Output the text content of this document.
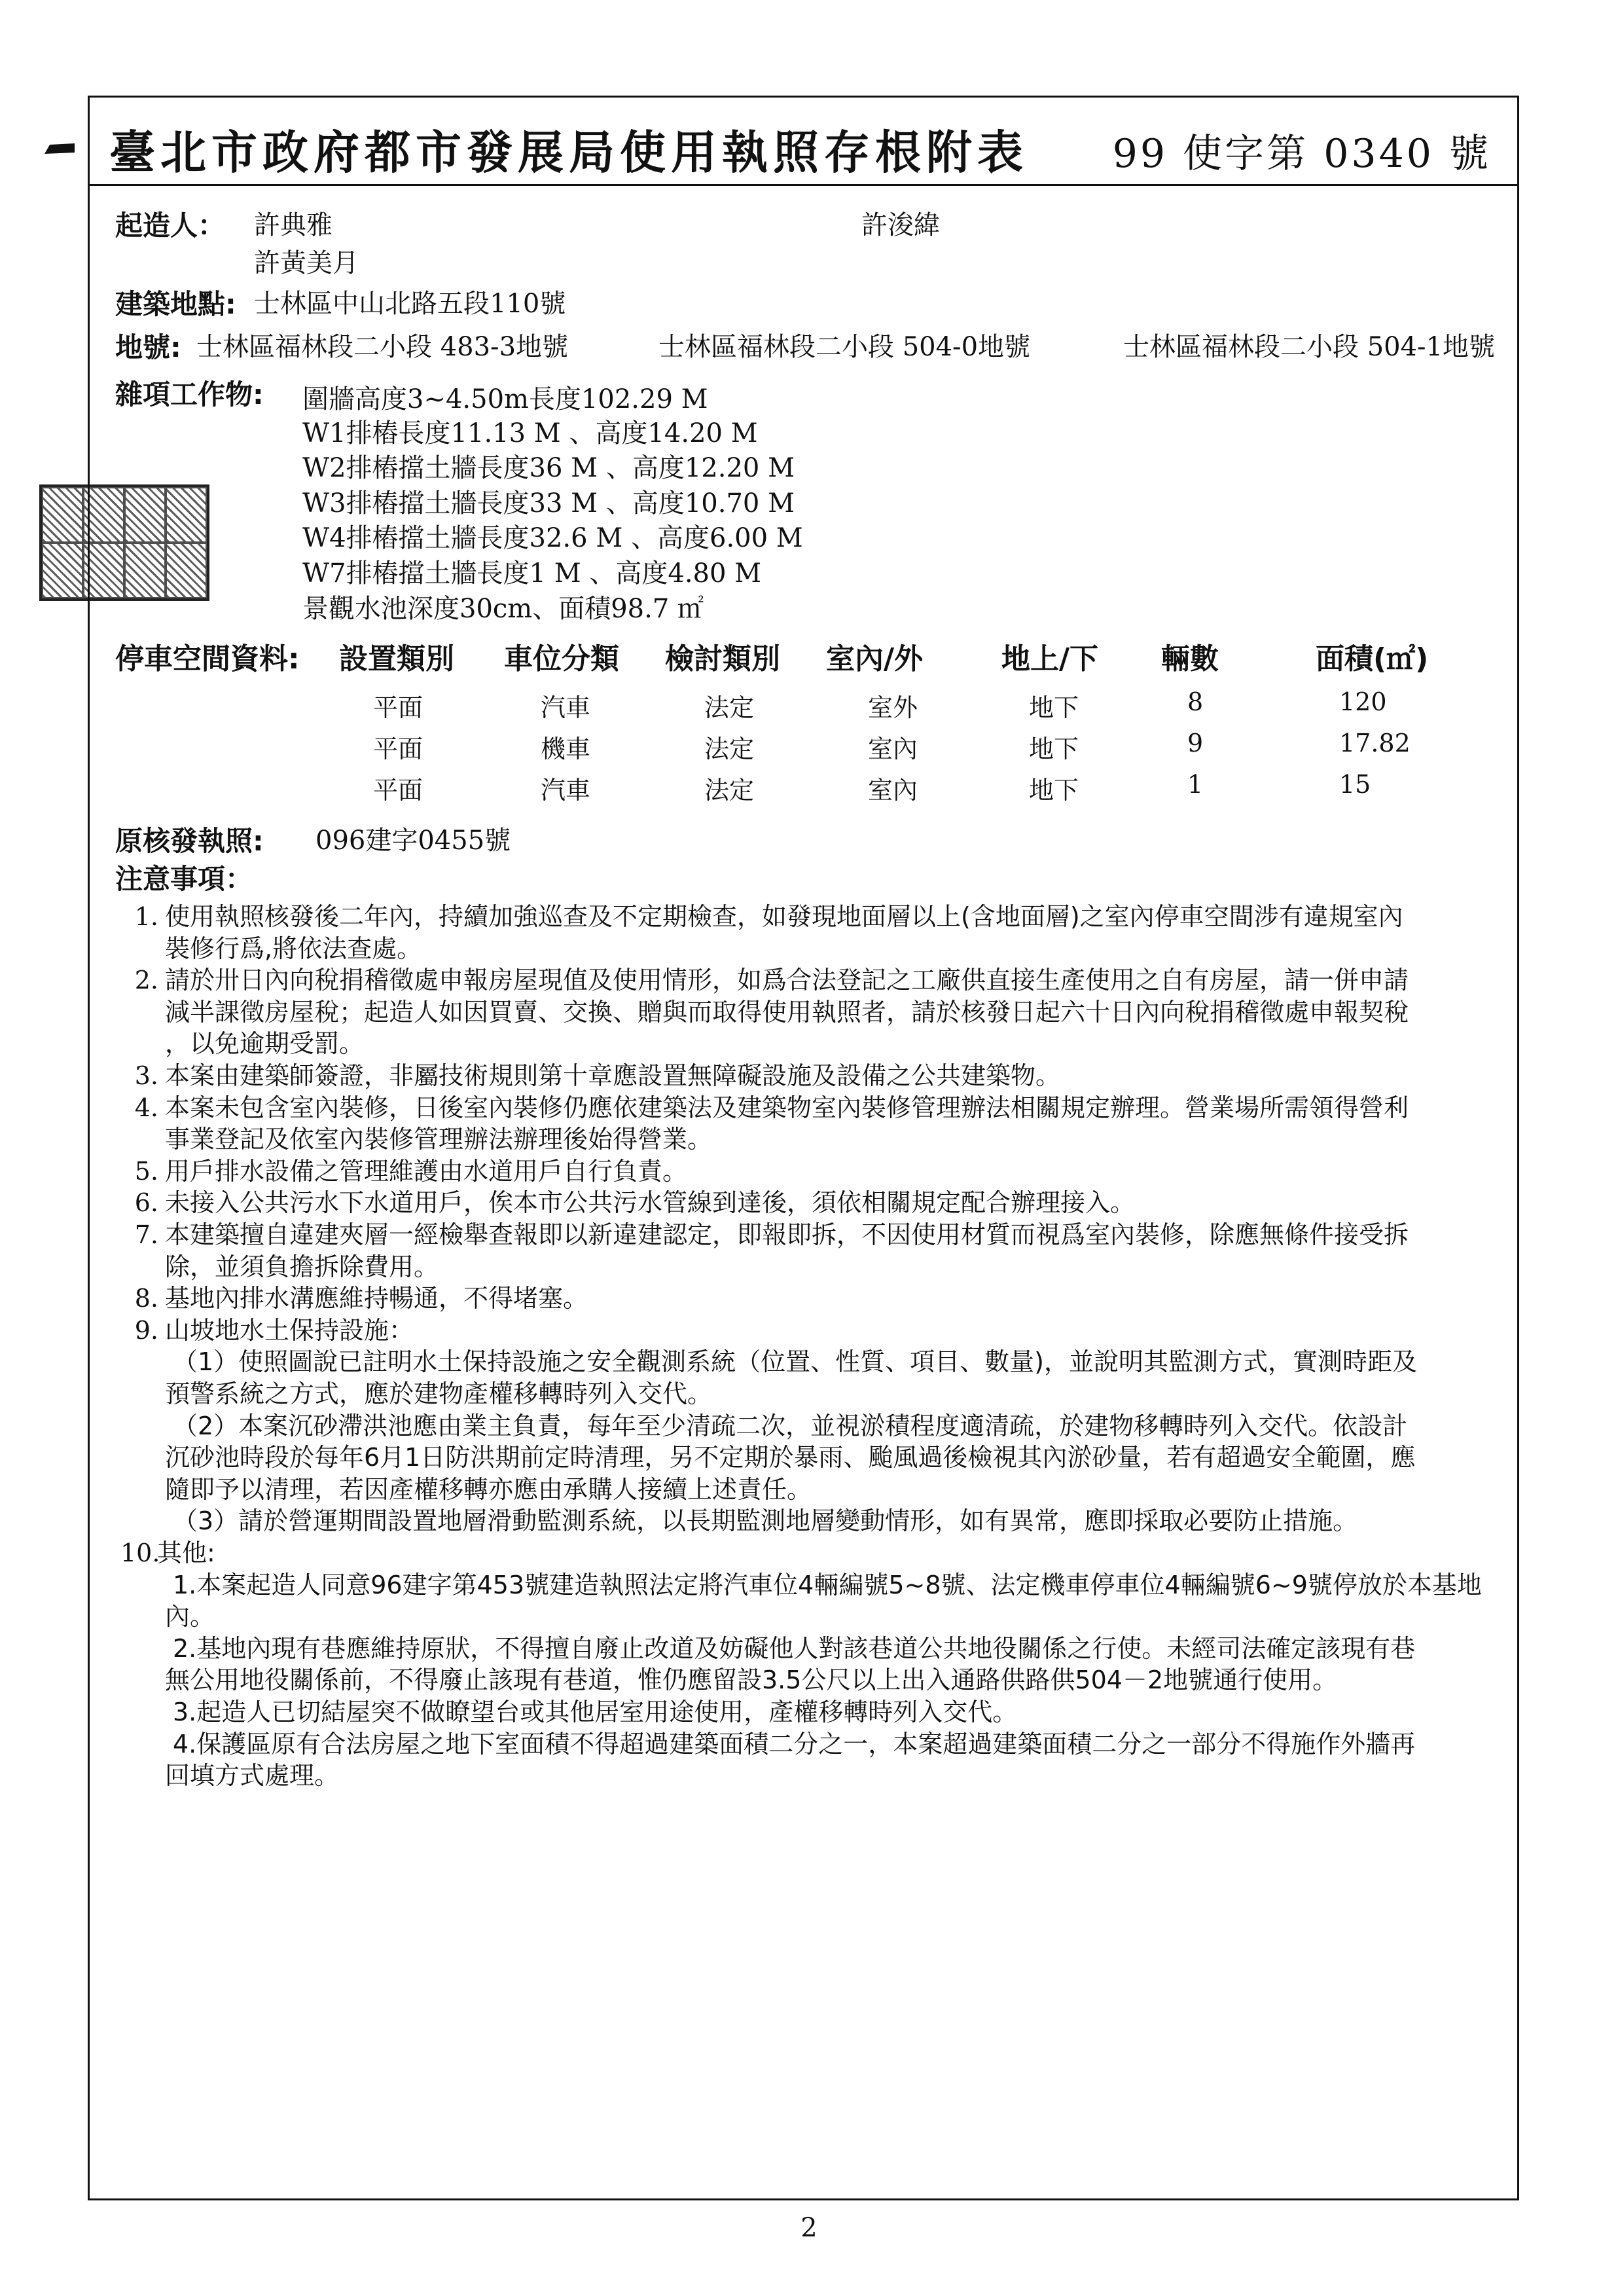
臺北市政府都市發展局使用執照存根附表 99 使字第 0340 號
起造人： 許典雅
許黃美月
許浚緯
建築地點: 士林區中山北路五段110號
地號: 士林區福林段二小段 483-3地號	士林區福林段二小段 504-0地號	士林區福林段二小段 504-1地號
雜項工作物: 圍牆高度3~4.50m長度102.29 M
W1排樁長度11.13 M 、高度14.20 M
W2排樁擋土牆長度36 M 、高度12.20 M
W3排樁擋土牆長度33 M 、高度10.70 M
W4排樁擋土牆長度32.6 M 、高度6.00 M
W7排樁擋土牆長度1 M 、高度4.80 M
景觀水池深度30cm、面積98.7 ㎡
停車空間資料: 設置類別 車位分類 檢討類別 室內/外	地上/下 輛數	面積(㎡)
平面	汽車	法定	室外	地下	8	120
平面	機車	法定	室內	地下	9	17.82
平面	汽車	法定	室內	地下	1	15
原核發執照: 096建字0455號
注意事項：
1. 使用執照核發後二年內，持續加強巡查及不定期檢查，如發現地面層以上(含地面層)之室內停車空間涉有違規室內
裝修行爲,將依法查處。
2. 請於卅日內向稅捐稽徵處申報房屋現值及使用情形，如爲合法登記之工廠供直接生產使用之自有房屋，請一併申請
減半課徵房屋稅；起造人如因買賣、交換、贈與而取得使用執照者，請於核發日起六十日內向稅捐稽徵處申報契稅
，以免逾期受罰。
3. 本案由建築師簽證，非屬技術規則第十章應設置無障礙設施及設備之公共建築物。
4. 本案未包含室內裝修，日後室內裝修仍應依建築法及建築物室內裝修管理辦法相關規定辦理。營業場所需領得營利
事業登記及依室內裝修管理辦法辦理後始得營業。
5. 用戶排水設備之管理維護由水道用戶自行負責。
6. 未接入公共污水下水道用戶，俟本市公共污水管線到達後，須依相關規定配合辦理接入。
7. 本建築擅自違建夾層一經檢舉查報即以新違建認定，即報即拆，不因使用材質而視爲室內裝修，除應無條件接受拆
除，並須負擔拆除費用。
8. 基地內排水溝應維持暢通，不得堵塞。
9. 山坡地水土保持設施：
（1）使照圖說已註明水土保持設施之安全觀測系統（位置、性質、項目、數量)，並說明其監測方式，實測時距及
預警系統之方式，應於建物產權移轉時列入交代。
（2）本案沉砂滯洪池應由業主負責，每年至少清疏二次，並視淤積程度適清疏，於建物移轉時列入交代。依設計
沉砂池時段於每年6月1日防洪期前定時清理，另不定期於暴雨、颱風過後檢視其內淤砂量，若有超過安全範圍，應
隨即予以清理，若因產權移轉亦應由承購人接續上述責任。
（3）請於營運期間設置地層滑動監測系統，以長期監測地層變動情形，如有異常，應即採取必要防止措施。
10.其他:
1.本案起造人同意96建字第453號建造執照法定將汽車位4輛編號5~8號、法定機車停車位4輛編號6~9號停放於本基地
內。
2.基地內現有巷應維持原狀，不得擅自廢止改道及妨礙他人對該巷道公共地役關係之行使。未經司法確定該現有巷
無公用地役關係前，不得廢止該現有巷道，惟仍應留設3.5公尺以上出入通路供路供504－2地號通行使用。
3.起造人已切結屋突不做瞭望台或其他居室用途使用，產權移轉時列入交代。
4.保護區原有合法房屋之地下室面積不得超過建築面積二分之一，本案超過建築面積二分之一部分不得施作外牆再
回填方式處理。
2
